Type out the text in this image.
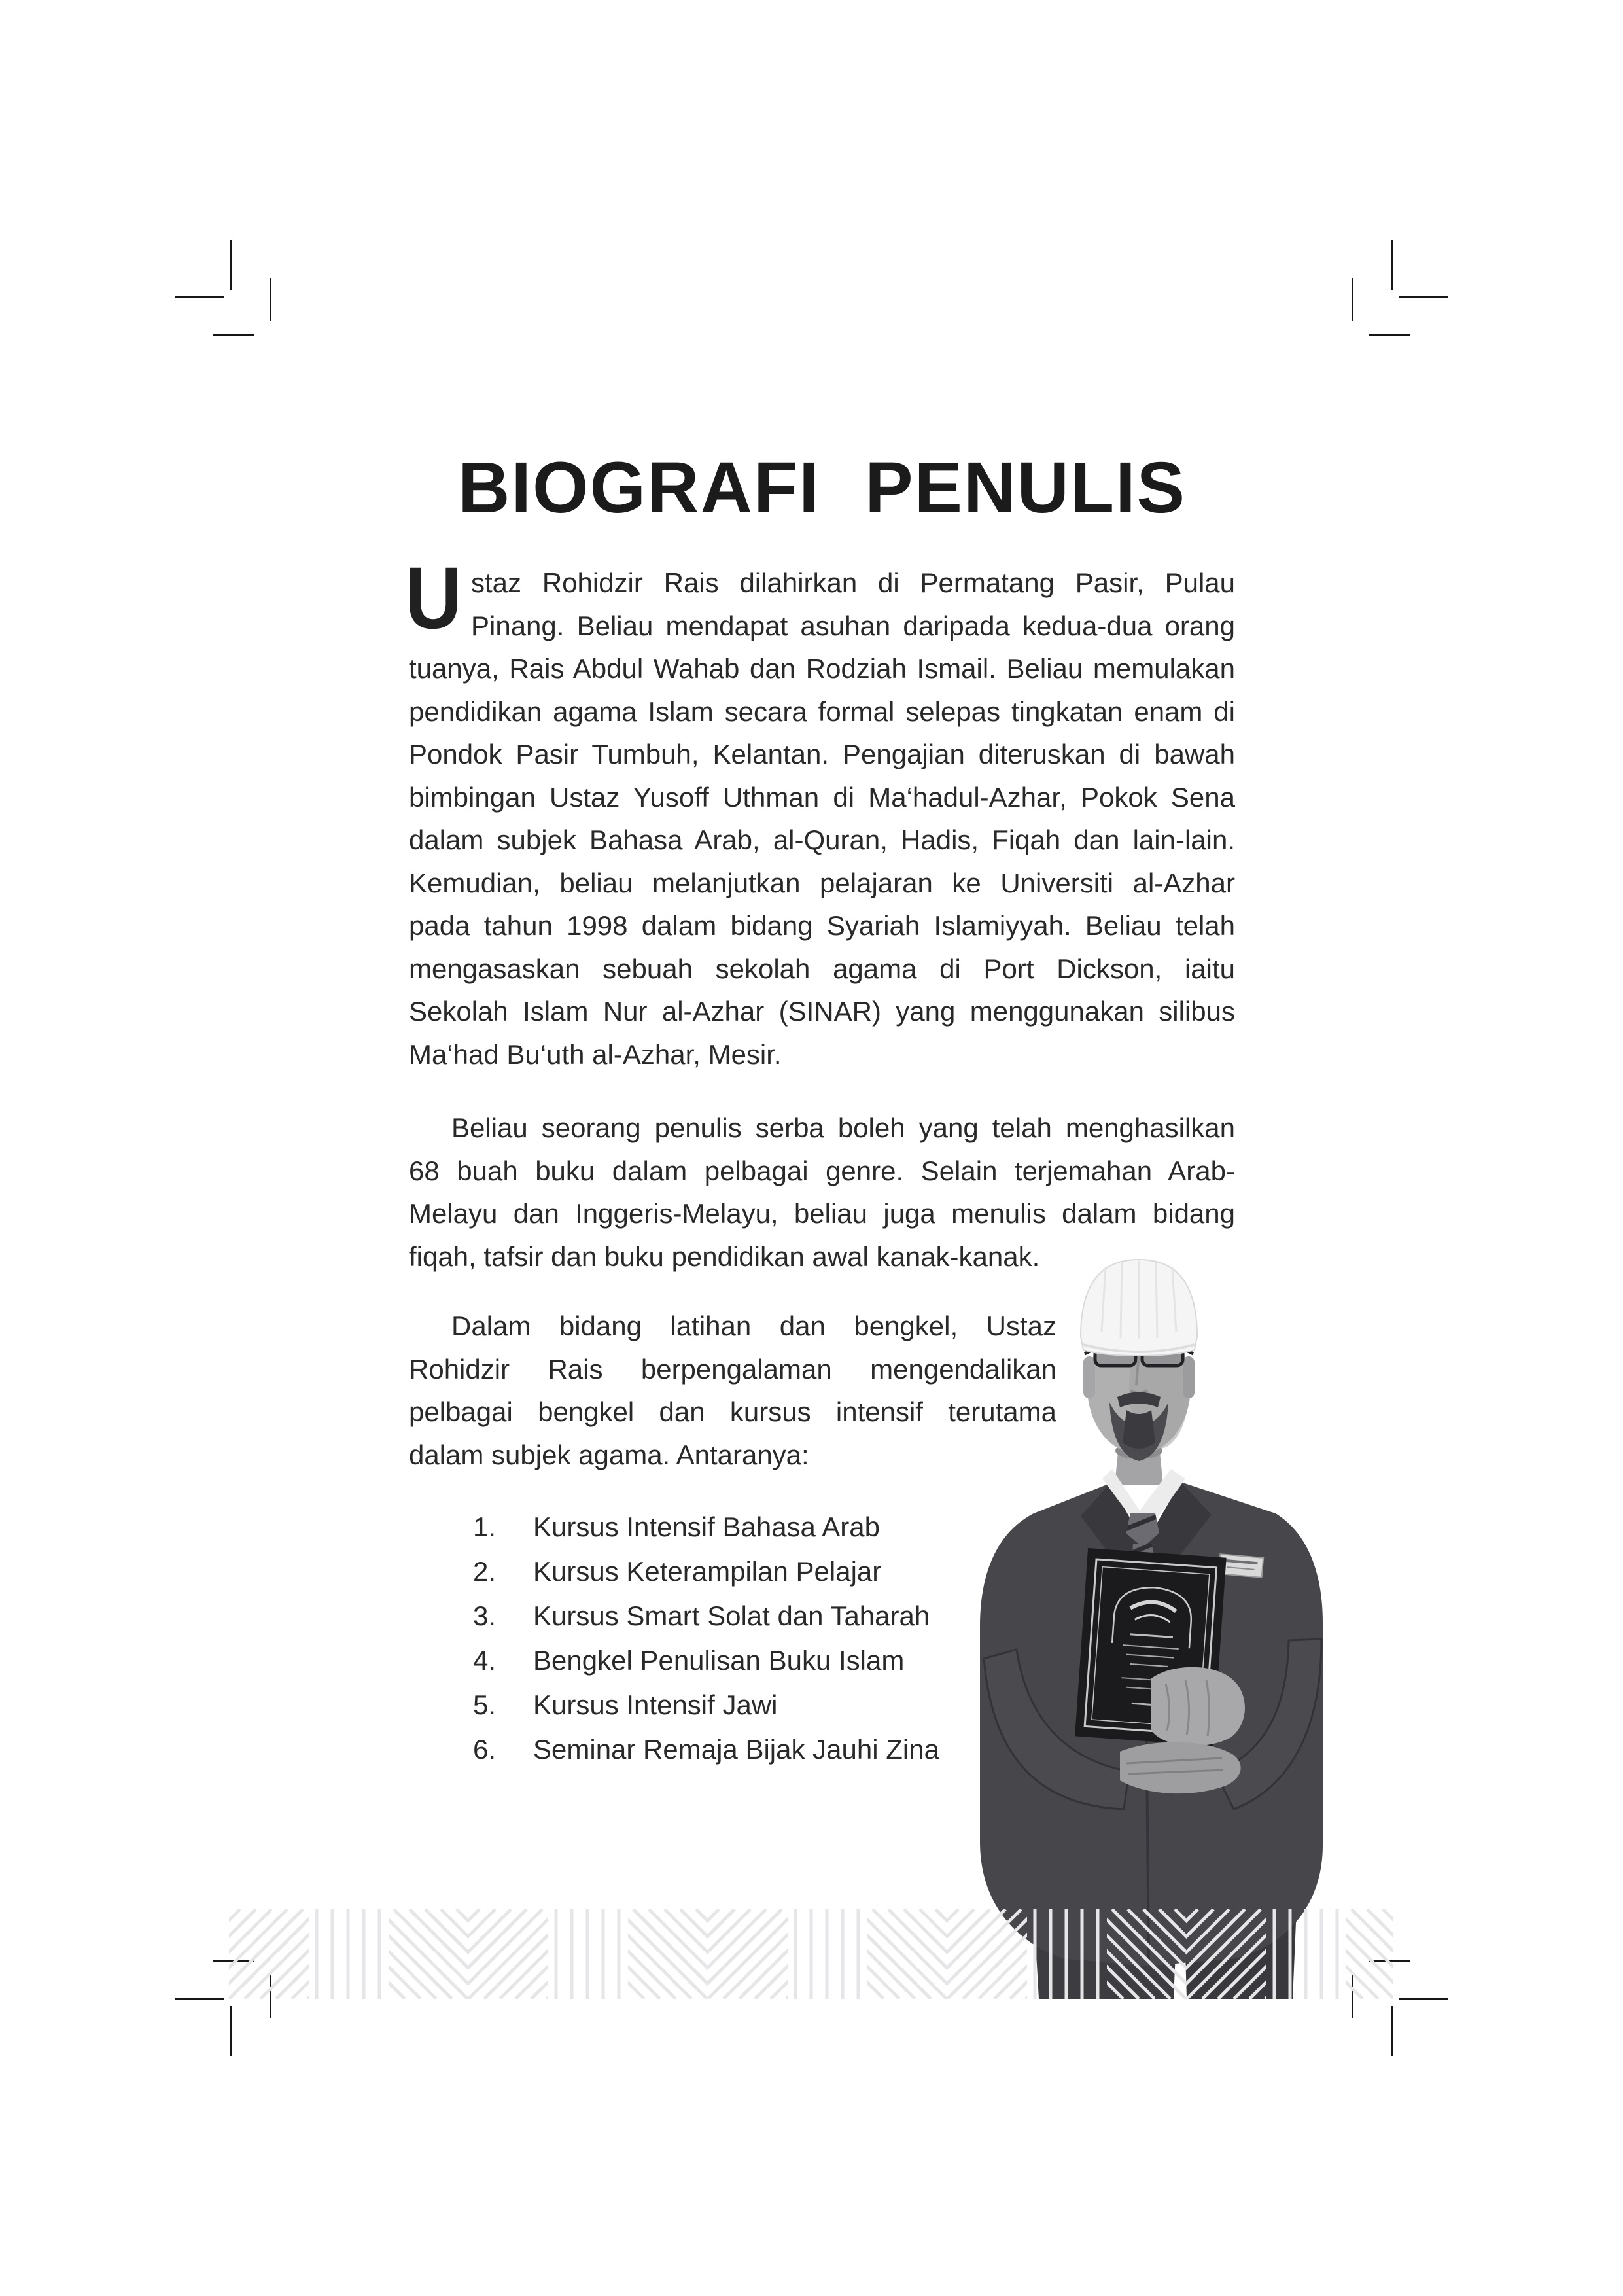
BIOGRAFI PENULIS
U staz Rohidzir Rais dilahirkan di Permatang Pasir, Pulau
Pinang. Beliau mendapat asuhan daripada kedua-dua orang
tuanya, Rais Abdul Wahab dan Rodziah Ismail. Beliau memulakan
pendidikan agama Islam secara formal selepas tingkatan enam di
Pondok Pasir Tumbuh, Kelantan. Pengajian diteruskan di bawah
bimbingan Ustaz Yusoff Uthman di Ma‘hadul-Azhar, Pokok Sena
dalam subjek Bahasa Arab, al-Quran, Hadis, Fiqah dan lain-lain.
Kemudian, beliau melanjutkan pelajaran ke Universiti al-Azhar
pada tahun 1998 dalam bidang Syariah Islamiyyah. Beliau telah
mengasaskan sebuah sekolah agama di Port Dickson, iaitu
Sekolah Islam Nur al-Azhar (SINAR) yang menggunakan silibus
Ma‘had Bu‘uth al-Azhar, Mesir.
Beliau seorang penulis serba boleh yang telah menghasilkan
68 buah buku dalam pelbagai genre. Selain terjemahan Arab-
Melayu dan Inggeris-Melayu, beliau juga menulis dalam bidang
fiqah, tafsir dan buku pendidikan awal kanak-kanak.
Dalam bidang latihan dan bengkel, Ustaz
Rohidzir Rais berpengalaman mengendalikan
pelbagai bengkel dan kursus intensif terutama
dalam subjek agama. Antaranya:
1.	Kursus Intensif Bahasa Arab
2.	Kursus Keterampilan Pelajar
3.	Kursus Smart Solat dan Taharah
4.	Bengkel Penulisan Buku Islam
5.	Kursus Intensif Jawi
6.	Seminar Remaja Bijak Jauhi Zina
